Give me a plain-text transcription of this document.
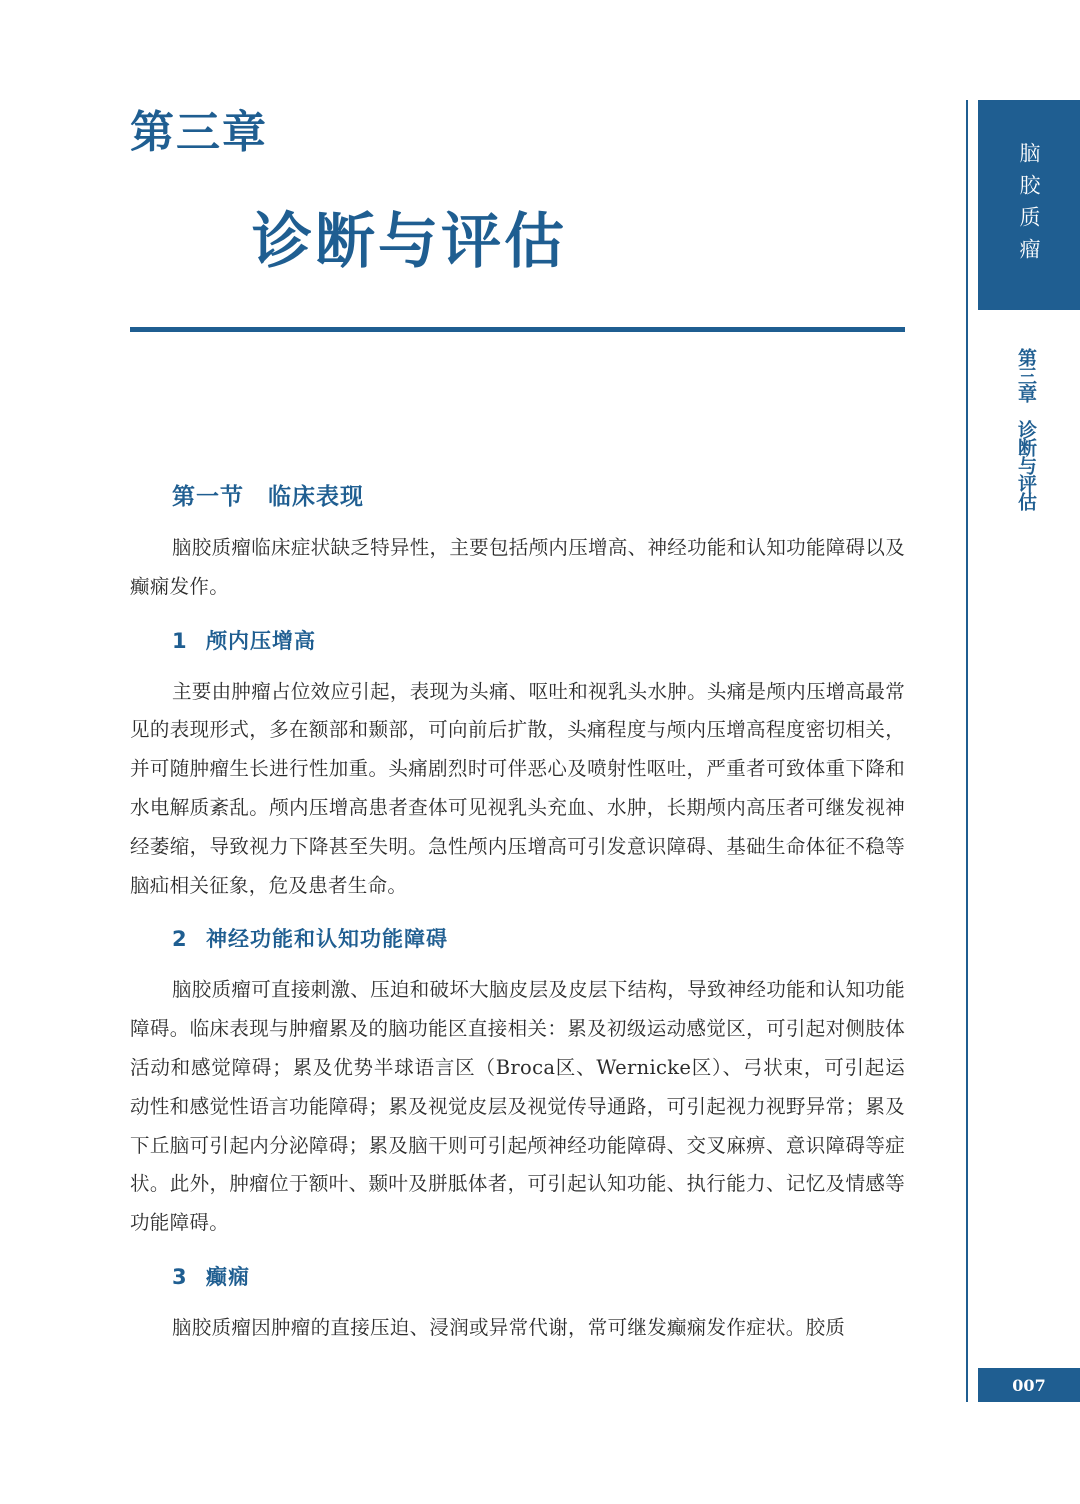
第三章
诊断与评估
第一节 临床表现

脑胶质瘤临床症状缺乏特异性，主要包括颅内压增高、神经功能和认知功能障碍以及癫痫发作。

1 颅内压增高

主要由肿瘤占位效应引起，表现为头痛、呕吐和视乳头水肿。头痛是颅内压增高最常见的表现形式，多在额部和颞部，可向前后扩散，头痛程度与颅内压增高程度密切相关，并可随肿瘤生长进行性加重。头痛剧烈时可伴恶心及喷射性呕吐，严重者可致体重下降和水电解质紊乱。颅内压增高患者查体可见视乳头充血、水肿，长期颅内高压者可继发视神经萎缩，导致视力下降甚至失明。急性颅内压增高可引发意识障碍、基础生命体征不稳等脑疝相关征象，危及患者生命。

2 神经功能和认知功能障碍

脑胶质瘤可直接刺激、压迫和破坏大脑皮层及皮层下结构，导致神经功能和认知功能障碍。临床表现与肿瘤累及的脑功能区直接相关：累及初级运动感觉区，可引起对侧肢体活动和感觉障碍；累及优势半球语言区（Broca区、Wernicke区）、弓状束，可引起运动性和感觉性语言功能障碍；累及视觉皮层及视觉传导通路，可引起视力视野异常；累及下丘脑可引起内分泌障碍；累及脑干则可引起颅神经功能障碍、交叉麻痹、意识障碍等症状。此外，肿瘤位于额叶、颞叶及胼胝体者，可引起认知功能、执行能力、记忆及情感等功能障碍。

3 癫痫

脑胶质瘤因肿瘤的直接压迫、浸润或异常代谢，常可继发癫痫发作症状。胶质

脑胶质瘤
第三章诊断与评估
007
